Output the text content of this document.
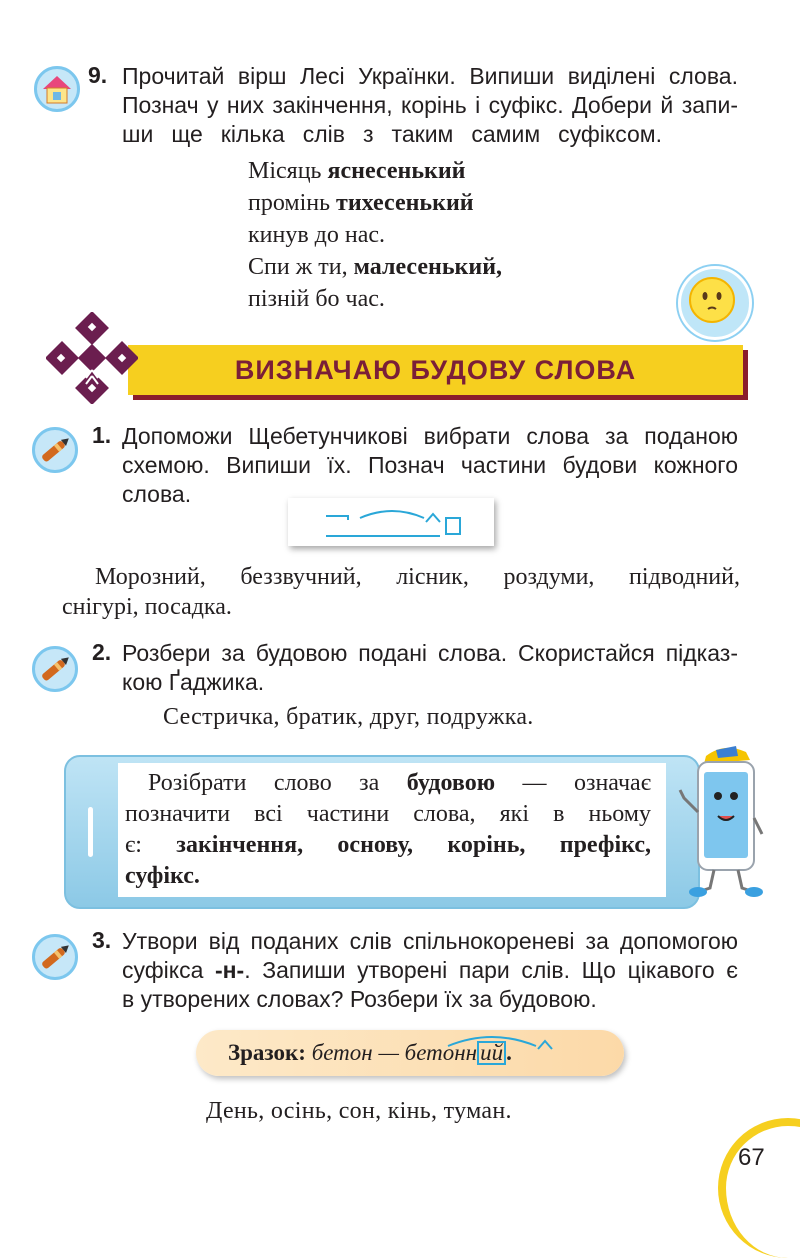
9. Прочитай вірш Лесі Українки. Випиши виділені слова.
Познач у них закінчення, корінь і суфікс. Добери й запи-
ши ще кілька слів з таким самим суфіксом.
Місяць яснесенький
промінь тихесенький
кинув до нас.
Спи ж ти, малесенький,
пізній бо час.
ВИЗНАЧАЮ БУДОВУ СЛОВА
1. Допоможи Щебетунчикові вибрати слова за поданою
схемою. Випиши їх. Познач частини будови кожного
слова.
Морозний, беззвучний, лісник, роздуми, підводний,
снігурі, посадка.
2. Розбери за будовою подані слова. Скористайся підказ-
кою Ґаджика.
Сестричка, братик, друг, подружка.
Розібрати слово за будовою — означає
позначити всі частини слова, які в ньому
є: закінчення, основу, корінь, префікс,
суфікс.
3. Утвори від поданих слів спільнокореневі за допомогою
суфікса -н-. Запиши утворені пари слів. Що цікавого є
в утворених словах? Розбери їх за будовою.
Зразок: бетон — бетонн ий .
День, осінь, сон, кінь, туман.
67
